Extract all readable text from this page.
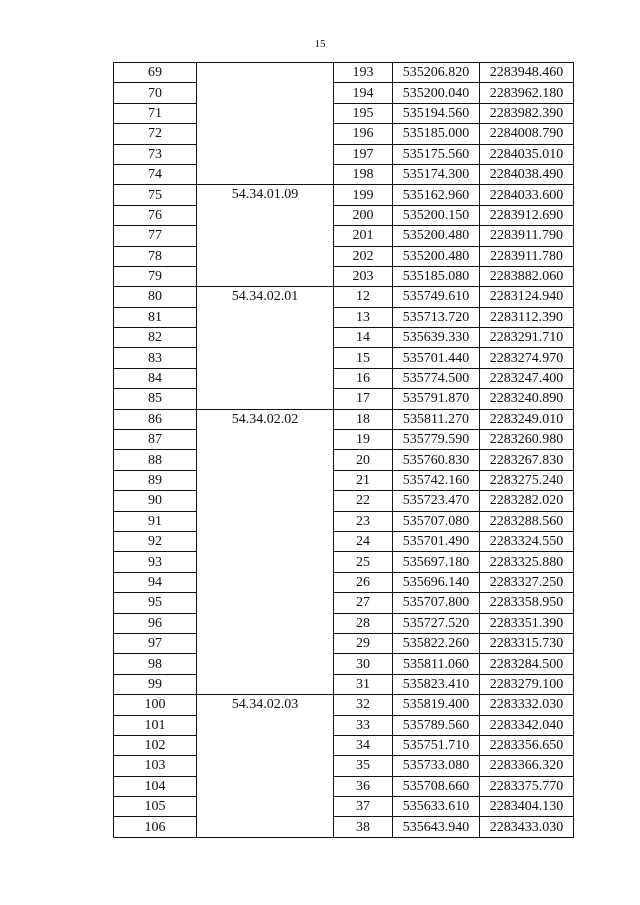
15
69		193	535206.820	2283948.460
70		194	535200.040	2283962.180
71		195	535194.560	2283982.390
72		196	535185.000	2284008.790
73		197	535175.560	2284035.010
74		198	535174.300	2284038.490
75	54.34.01.09	199	535162.960	2284033.600
76		200	535200.150	2283912.690
77		201	535200.480	2283911.790
78		202	535200.480	2283911.780
79		203	535185.080	2283882.060
80	54.34.02.01	12	535749.610	2283124.940
81		13	535713.720	2283112.390
82		14	535639.330	2283291.710
83		15	535701.440	2283274.970
84		16	535774.500	2283247.400
85		17	535791.870	2283240.890
86	54.34.02.02	18	535811.270	2283249.010
87		19	535779.590	2283260.980
88		20	535760.830	2283267.830
89		21	535742.160	2283275.240
90		22	535723.470	2283282.020
91		23	535707.080	2283288.560
92		24	535701.490	2283324.550
93		25	535697.180	2283325.880
94		26	535696.140	2283327.250
95		27	535707.800	2283358.950
96		28	535727.520	2283351.390
97		29	535822.260	2283315.730
98		30	535811.060	2283284.500
99		31	535823.410	2283279.100
100	54.34.02.03	32	535819.400	2283332.030
101		33	535789.560	2283342.040
102		34	535751.710	2283356.650
103		35	535733.080	2283366.320
104		36	535708.660	2283375.770
105		37	535633.610	2283404.130
106		38	535643.940	2283433.030
